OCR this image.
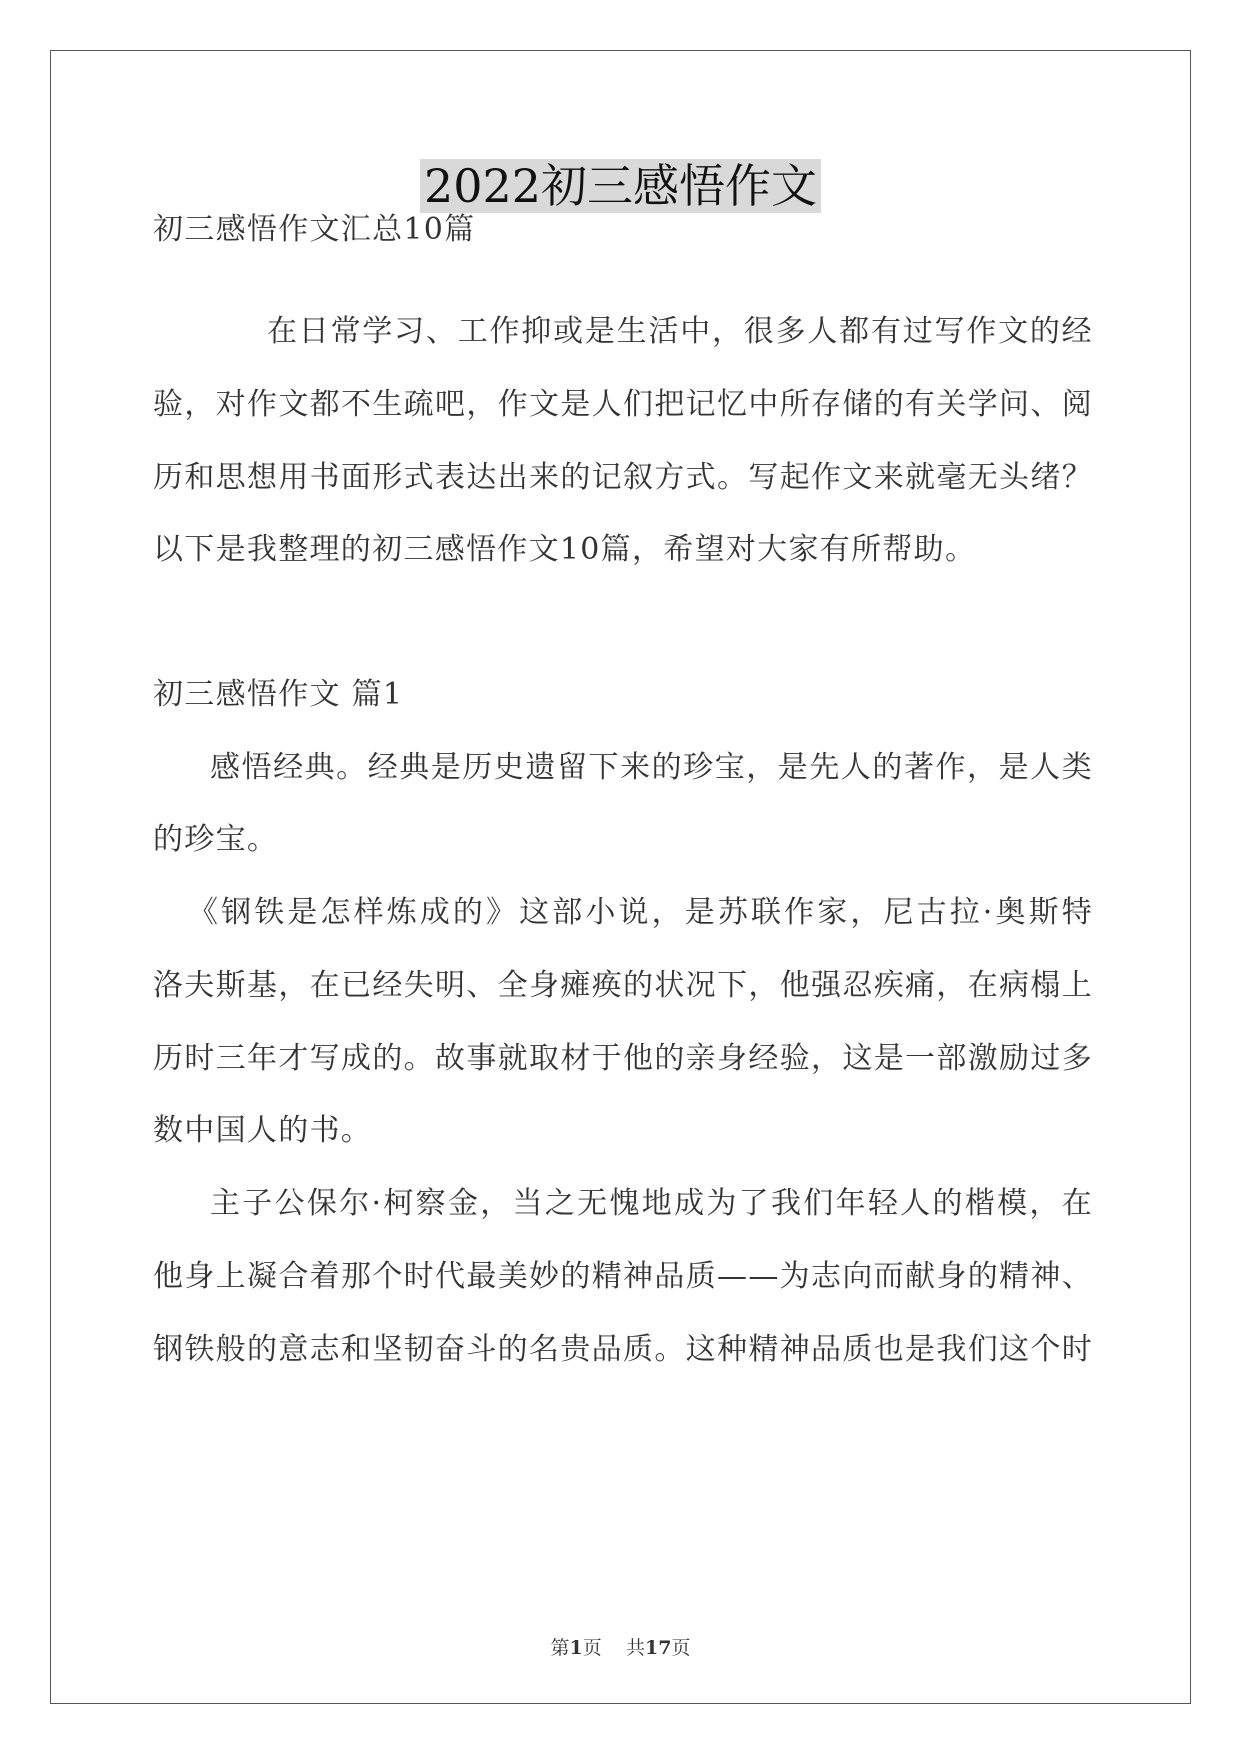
2022初三感悟作文
初三感悟作文汇总10篇
在日常学习、工作抑或是生活中，很多人都有过写作文的经
验，对作文都不生疏吧，作文是人们把记忆中所存储的有关学问、阅
历和思想用书面形式表达出来的记叙方式。写起作文来就毫无头绪？
以下是我整理的初三感悟作文10篇，希望对大家有所帮助。
初三感悟作文 篇1
感悟经典。经典是历史遗留下来的珍宝，是先人的著作，是人类
的珍宝。
《钢铁是怎样炼成的》这部小说，是苏联作家，尼古拉·奥斯特
洛夫斯基，在已经失明、全身瘫痪的状况下，他强忍疾痛，在病榻上
历时三年才写成的。故事就取材于他的亲身经验，这是一部激励过多
数中国人的书。
主子公保尔·柯察金，当之无愧地成为了我们年轻人的楷模，在
他身上凝合着那个时代最美妙的精神品质——为志向而献身的精神、
钢铁般的意志和坚韧奋斗的名贵品质。这种精神品质也是我们这个时
第1页 共17页
